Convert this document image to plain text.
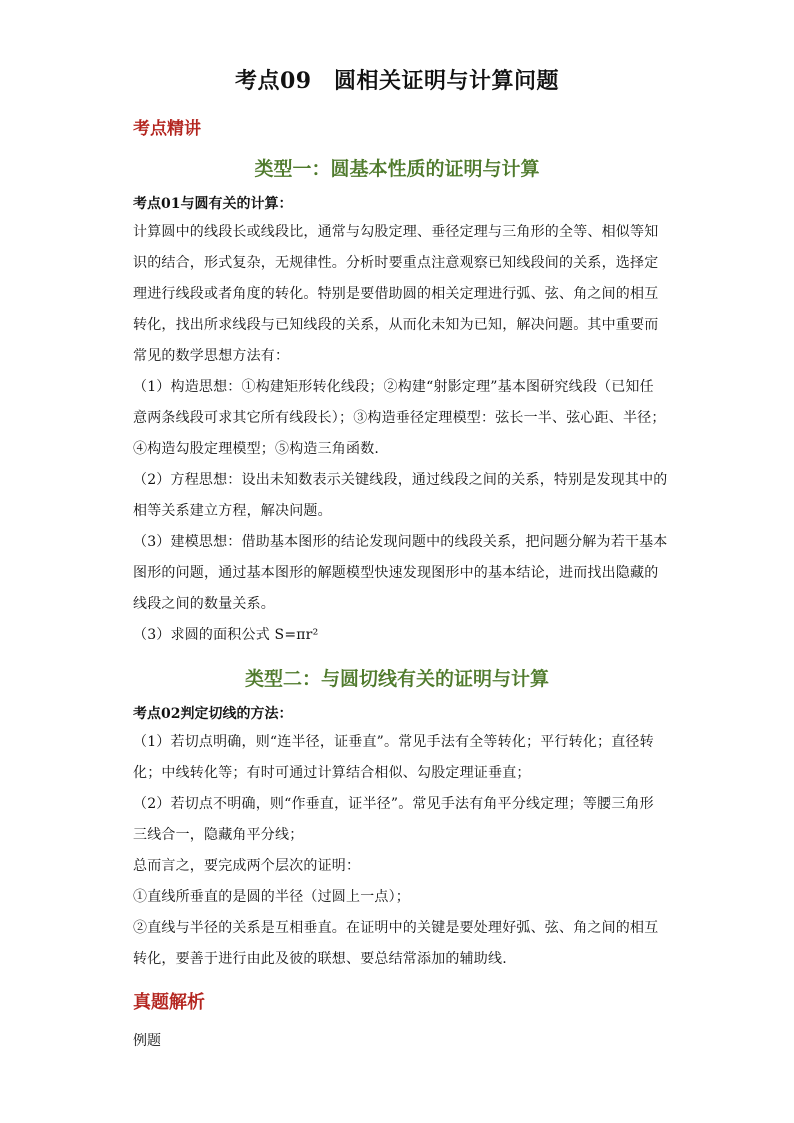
考点09　圆相关证明与计算问题
考点精讲
类型一：圆基本性质的证明与计算
考点01与圆有关的计算：

计算圆中的线段长或线段比，通常与勾股定理、垂径定理与三角形的全等、相似等知识的结合，形式复杂，无规律性。分析时要重点注意观察已知线段间的关系，选择定理进行线段或者角度的转化。特别是要借助圆的相关定理进行弧、弦、角之间的相互转化，找出所求线段与已知线段的关系，从而化未知为已知，解决问题。其中重要而常见的数学思想方法有：

（1）构造思想：①构建矩形转化线段；②构建“射影定理”基本图研究线段（已知任意两条线段可求其它所有线段长）；③构造垂径定理模型：弦长一半、弦心距、半径；④构造勾股定理模型；⑤构造三角函数.

（2）方程思想：设出未知数表示关键线段，通过线段之间的关系，特别是发现其中的相等关系建立方程，解决问题。

（3）建模思想：借助基本图形的结论发现问题中的线段关系，把问题分解为若干基本图形的问题，通过基本图形的解题模型快速发现图形中的基本结论，进而找出隐藏的线段之间的数量关系。

（3）求圆的面积公式 S=πr²

类型二：与圆切线有关的证明与计算
考点02判定切线的方法：

（1）若切点明确，则“连半径，证垂直”。常见手法有全等转化；平行转化；直径转化；中线转化等；有时可通过计算结合相似、勾股定理证垂直；

（2）若切点不明确，则“作垂直，证半径”。常见手法有角平分线定理；等腰三角形三线合一，隐藏角平分线；

总而言之，要完成两个层次的证明：

①直线所垂直的是圆的半径（过圆上一点）；

②直线与半径的关系是互相垂直。在证明中的关键是要处理好弧、弦、角之间的相互转化，要善于进行由此及彼的联想、要总结常添加的辅助线.

真题解析
例题
